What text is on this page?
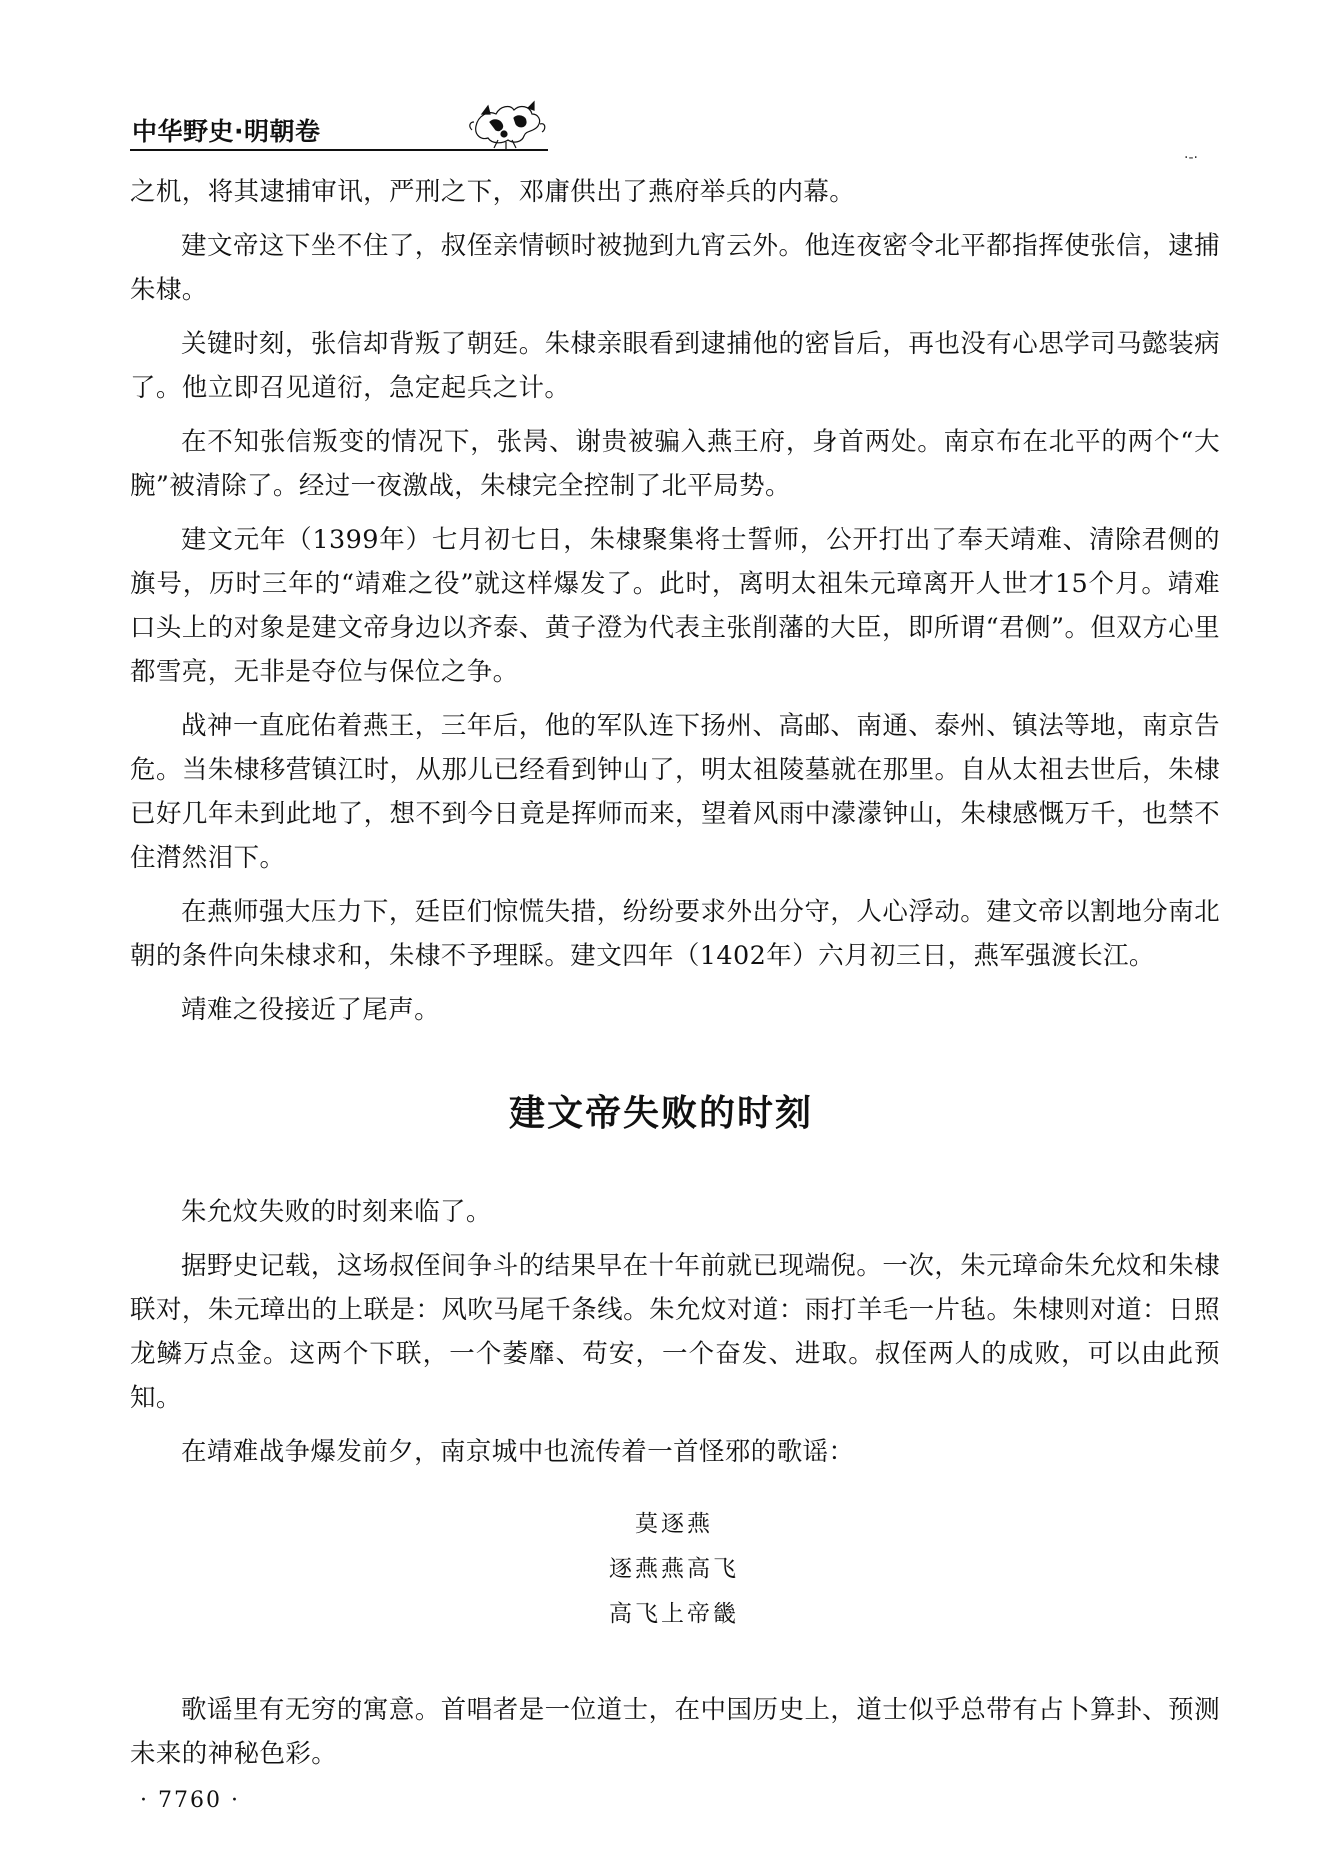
中华野史·明朝卷
·-·

之机，将其逮捕审讯，严刑之下，邓庸供出了燕府举兵的内幕。

建文帝这下坐不住了，叔侄亲情顿时被抛到九宵云外。他连夜密令北平都指挥使张信，逮捕朱棣。

关键时刻，张信却背叛了朝廷。朱棣亲眼看到逮捕他的密旨后，再也没有心思学司马懿装病了。他立即召见道衍，急定起兵之计。

在不知张信叛变的情况下，张昺、谢贵被骗入燕王府，身首两处。南京布在北平的两个“大腕”被清除了。经过一夜激战，朱棣完全控制了北平局势。

建文元年（1399年）七月初七日，朱棣聚集将士誓师，公开打出了奉天靖难、清除君侧的旗号，历时三年的“靖难之役”就这样爆发了。此时，离明太祖朱元璋离开人世才15个月。靖难口头上的对象是建文帝身边以齐泰、黄子澄为代表主张削藩的大臣，即所谓“君侧”。但双方心里都雪亮，无非是夺位与保位之争。

战神一直庇佑着燕王，三年后，他的军队连下扬州、高邮、南通、泰州、镇法等地，南京告危。当朱棣移营镇江时，从那儿已经看到钟山了，明太祖陵墓就在那里。自从太祖去世后，朱棣已好几年未到此地了，想不到今日竟是挥师而来，望着风雨中濛濛钟山，朱棣感慨万千，也禁不住潸然泪下。

在燕师强大压力下，廷臣们惊慌失措，纷纷要求外出分守，人心浮动。建文帝以割地分南北朝的条件向朱棣求和，朱棣不予理睬。建文四年（1402年）六月初三日，燕军强渡长江。

靖难之役接近了尾声。

建文帝失败的时刻

朱允炆失败的时刻来临了。

据野史记载，这场叔侄间争斗的结果早在十年前就已现端倪。一次，朱元璋命朱允炆和朱棣联对，朱元璋出的上联是：风吹马尾千条线。朱允炆对道：雨打羊毛一片毡。朱棣则对道：日照龙鳞万点金。这两个下联，一个萎靡、苟安，一个奋发、进取。叔侄两人的成败，可以由此预知。

在靖难战争爆发前夕，南京城中也流传着一首怪邪的歌谣：

莫逐燕
逐燕燕高飞
高飞上帝畿

歌谣里有无穷的寓意。首唱者是一位道士，在中国历史上，道士似乎总带有占卜算卦、预测未来的神秘色彩。

· 7760 ·
